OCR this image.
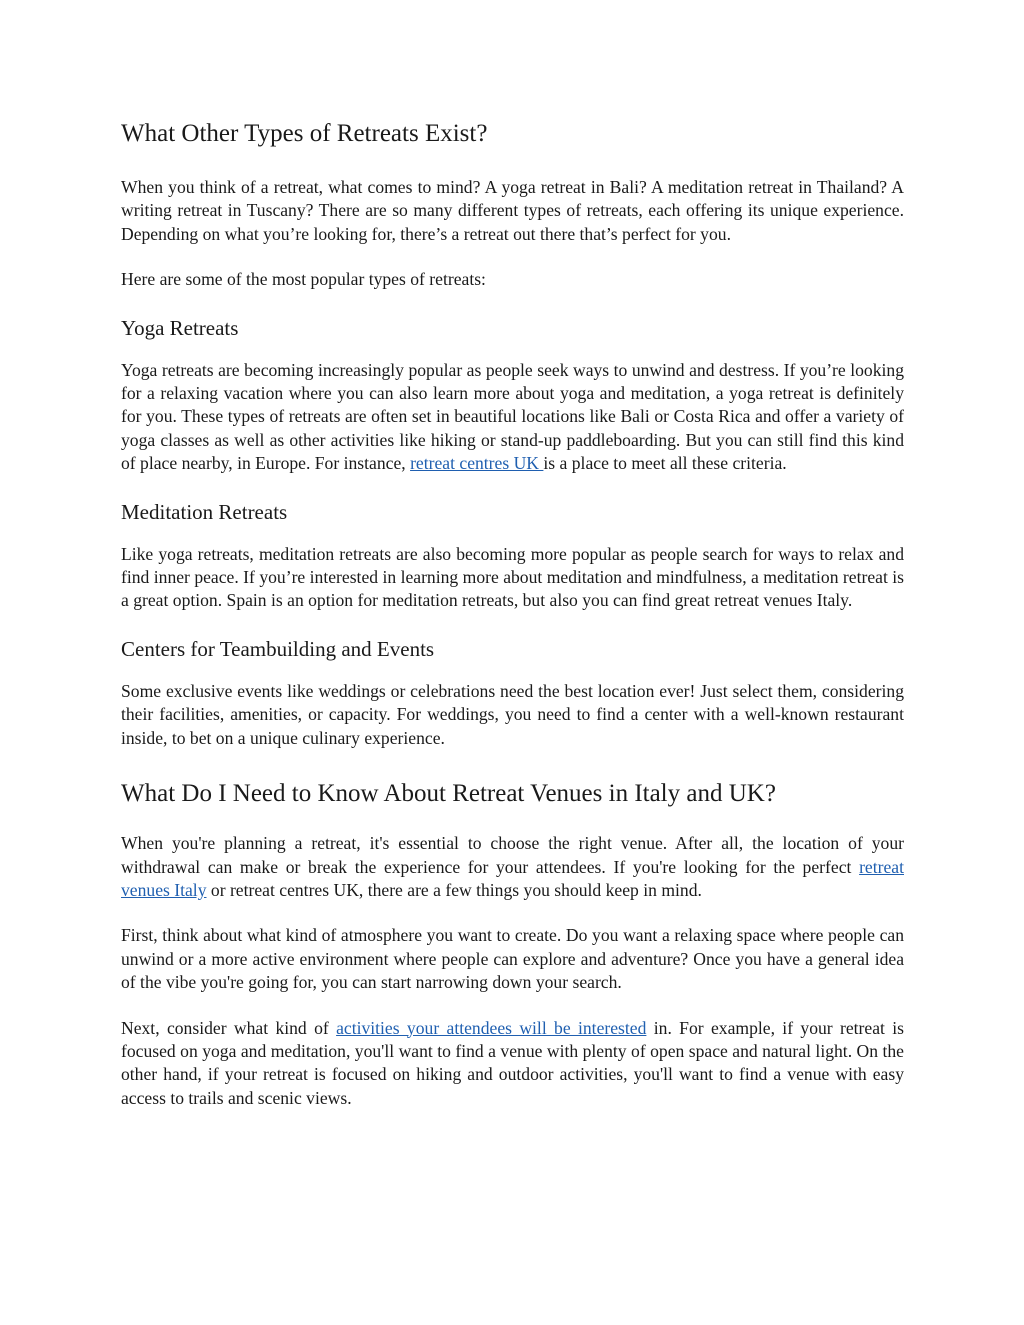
What Other Types of Retreats Exist?

When you think of a retreat, what comes to mind? A yoga retreat in Bali? A meditation retreat in Thailand? A writing retreat in Tuscany? There are so many different types of retreats, each offering its unique experience. Depending on what you’re looking for, there’s a retreat out there that’s perfect for you.

Here are some of the most popular types of retreats:

Yoga Retreats

Yoga retreats are becoming increasingly popular as people seek ways to unwind and destress. If you’re looking for a relaxing vacation where you can also learn more about yoga and meditation, a yoga retreat is definitely for you. These types of retreats are often set in beautiful locations like Bali or Costa Rica and offer a variety of yoga classes as well as other activities like hiking or stand-up paddleboarding. But you can still find this kind of place nearby, in Europe. For instance, retreat centres UK is a place to meet all these criteria.

Meditation Retreats

Like yoga retreats, meditation retreats are also becoming more popular as people search for ways to relax and find inner peace. If you’re interested in learning more about meditation and mindfulness, a meditation retreat is a great option. Spain is an option for meditation retreats, but also you can find great retreat venues Italy.

Centers for Teambuilding and Events

Some exclusive events like weddings or celebrations need the best location ever! Just select them, considering their facilities, amenities, or capacity. For weddings, you need to find a center with a well-known restaurant inside, to bet on a unique culinary experience.

What Do I Need to Know About Retreat Venues in Italy and UK?

When you're planning a retreat, it's essential to choose the right venue. After all, the location of your withdrawal can make or break the experience for your attendees. If you're looking for the perfect retreat venues Italy or retreat centres UK, there are a few things you should keep in mind.

First, think about what kind of atmosphere you want to create. Do you want a relaxing space where people can unwind or a more active environment where people can explore and adventure? Once you have a general idea of the vibe you're going for, you can start narrowing down your search.

Next, consider what kind of activities your attendees will be interested in. For example, if your retreat is focused on yoga and meditation, you'll want to find a venue with plenty of open space and natural light. On the other hand, if your retreat is focused on hiking and outdoor activities, you'll want to find a venue with easy access to trails and scenic views.
